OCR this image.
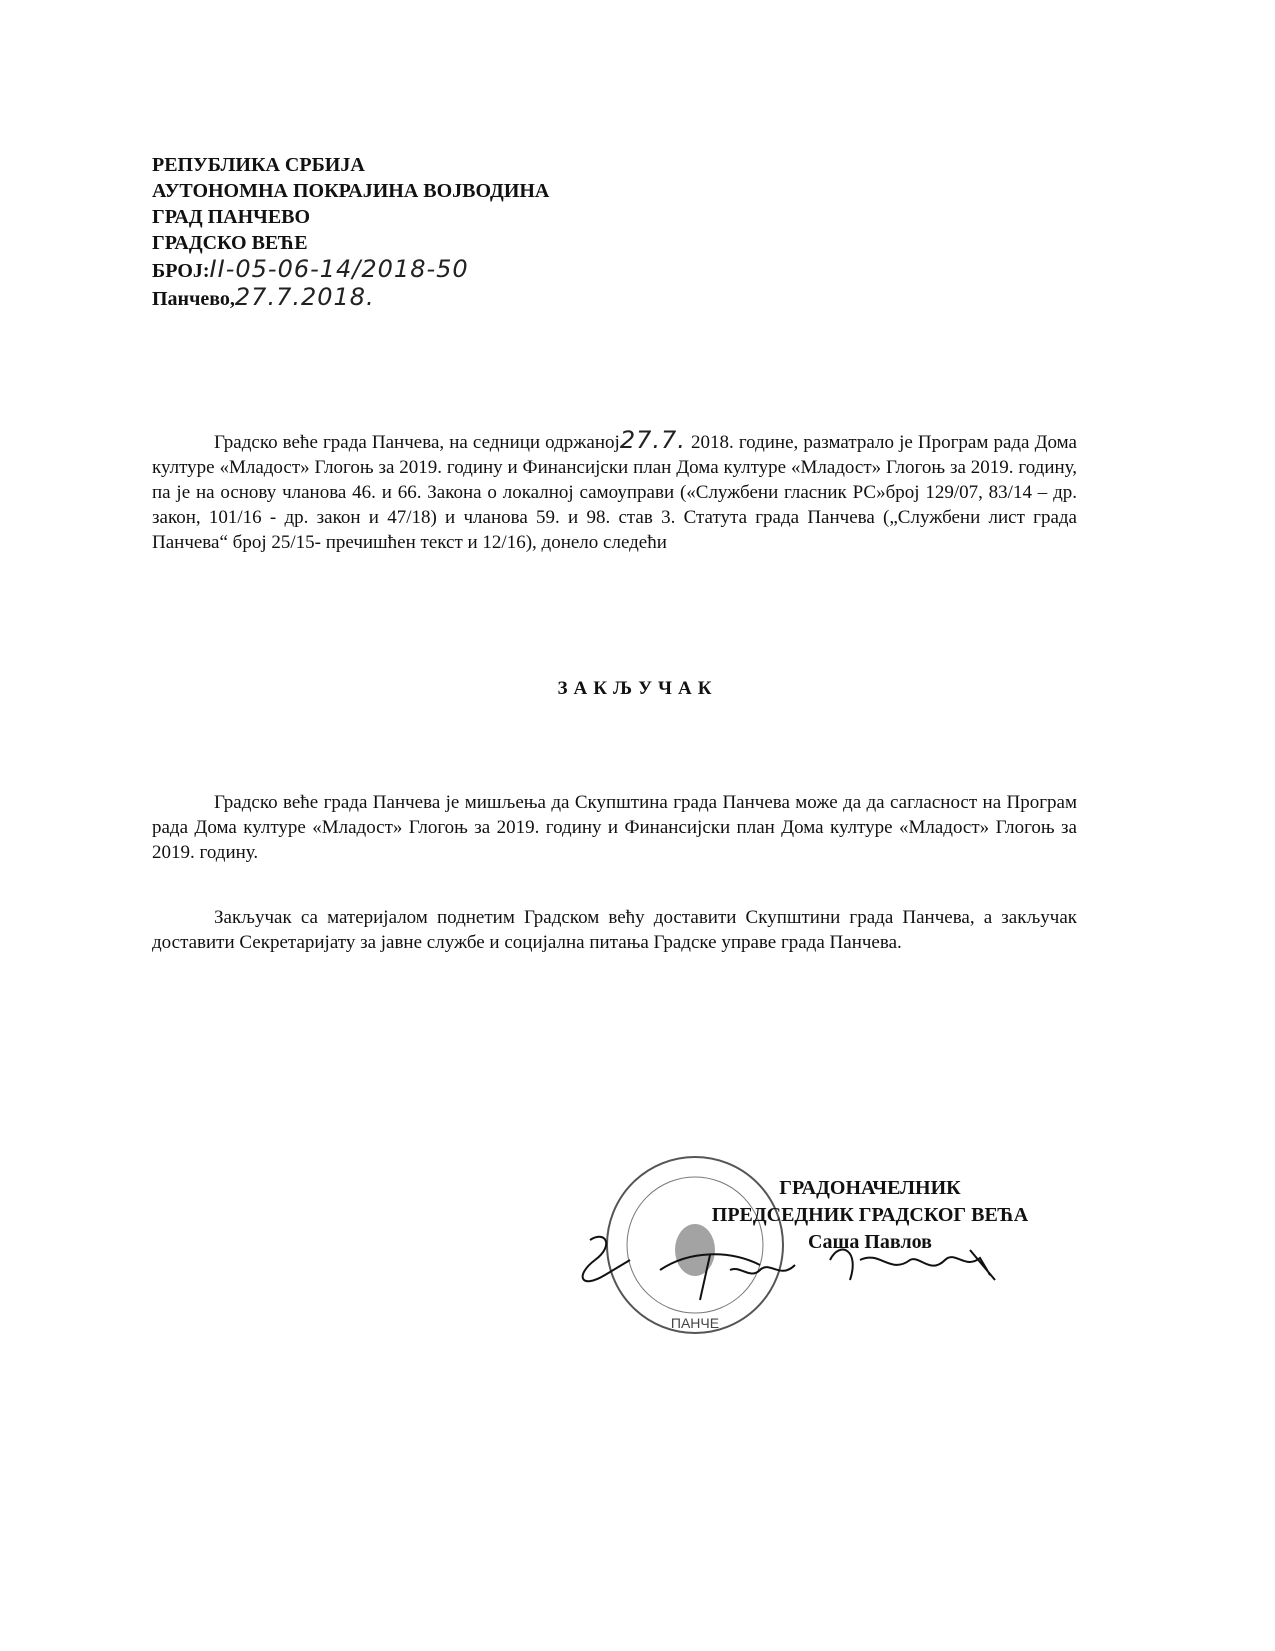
РЕПУБЛИКА СРБИЈА
АУТОНОМНА ПОКРАЈИНА ВОЈВОДИНА
ГРАД ПАНЧЕВО
ГРАДСКО ВЕЋЕ
БРОЈ:II-05-06-14/2018-50
Панчево,27.7.2018.

Градско веће града Панчева, на седници одржаној27.7. 2018. године, разматрало је Програм рада Дома културе «Младост» Глогоњ за 2019. годину и Финансијски план Дома културе «Младост» Глогоњ за 2019. годину, па је на основу чланова 46. и 66. Закона о локалној самоуправи («Службени гласник РС»број 129/07, 83/14 – др. закон, 101/16 - др. закон и 47/18) и чланова 59. и 98. став 3. Статута града Панчева („Службени лист града Панчева“ број 25/15- пречишћен текст и 12/16), донело следећи

ЗАКЉУЧАК

Градско веће града Панчева је мишљења да Скупштина града Панчева може да да сагласност на Програм рада Дома културе «Младост» Глогоњ за 2019. годину и Финансијски план Дома културе «Младост» Глогоњ за 2019. годину.

Закључак са материјалом поднетим Градском већу доставити Скупштини града Панчева, а закључак доставити Секретаријату за јавне службе и социјална питања Градске управе града Панчева.

ПАНЧЕ
ГРАДОНАЧЕЛНИК
ПРЕДСЕДНИК ГРАДСКОГ ВЕЋА
Саша Павлов
